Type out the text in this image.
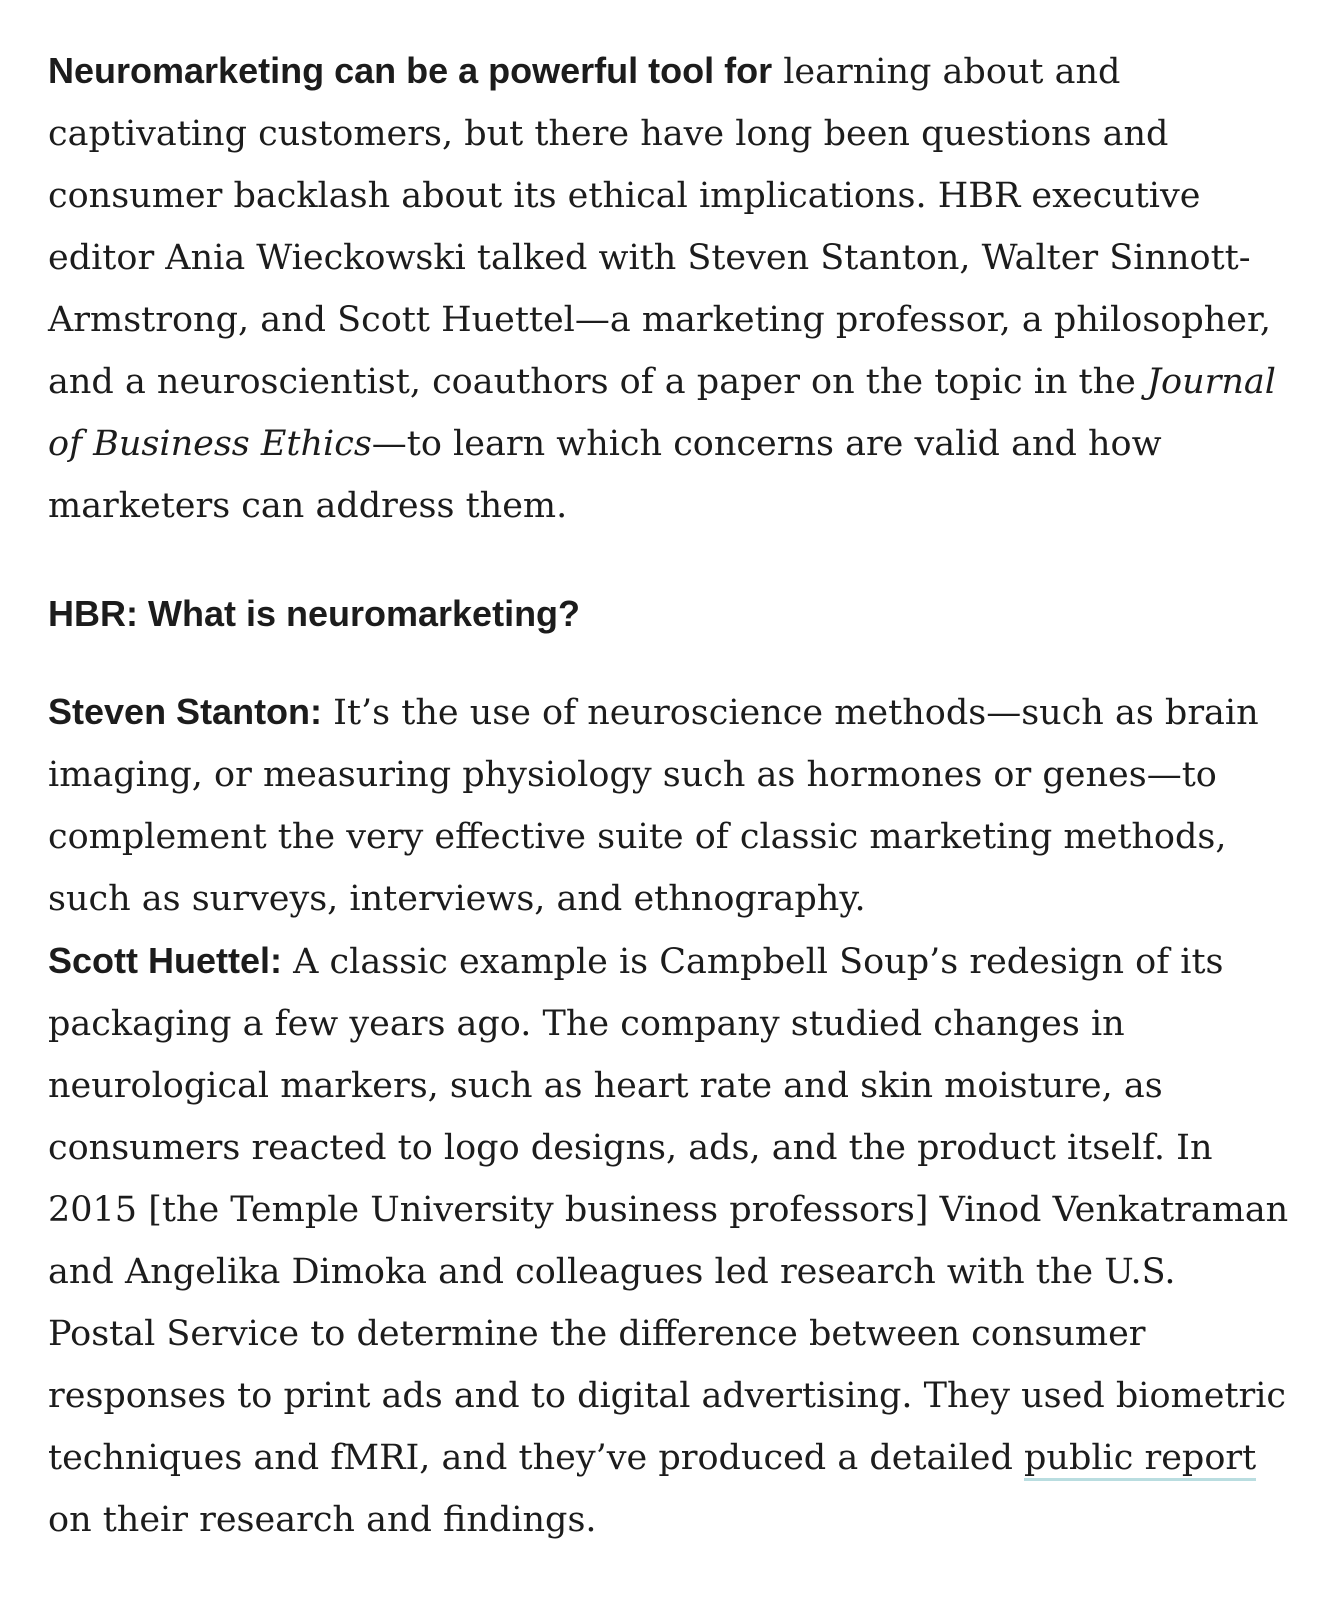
Neuromarketing can be a powerful tool for learning about and captivating customers, but there have long been questions and consumer backlash about its ethical implications. HBR executive editor Ania Wieckowski talked with Steven Stanton, Walter Sinnott-Armstrong, and Scott Huettel—a marketing professor, a philosopher, and a neuroscientist, coauthors of a paper on the topic in the Journal of Business Ethics—to learn which concerns are valid and how marketers can address them.

HBR: What is neuromarketing?

Steven Stanton: It’s the use of neuroscience methods—such as brain imaging, or measuring physiology such as hormones or genes—to complement the very effective suite of classic marketing methods, such as surveys, interviews, and ethnography.

Scott Huettel: A classic example is Campbell Soup’s redesign of its packaging a few years ago. The company studied changes in neurological markers, such as heart rate and skin moisture, as consumers reacted to logo designs, ads, and the product itself. In 2015 [the Temple University business professors] Vinod Venkatraman and Angelika Dimoka and colleagues led research with the U.S. Postal Service to determine the difference between consumer responses to print ads and to digital advertising. They used biometric techniques and fMRI, and they’ve produced a detailed public report on their research and findings.
